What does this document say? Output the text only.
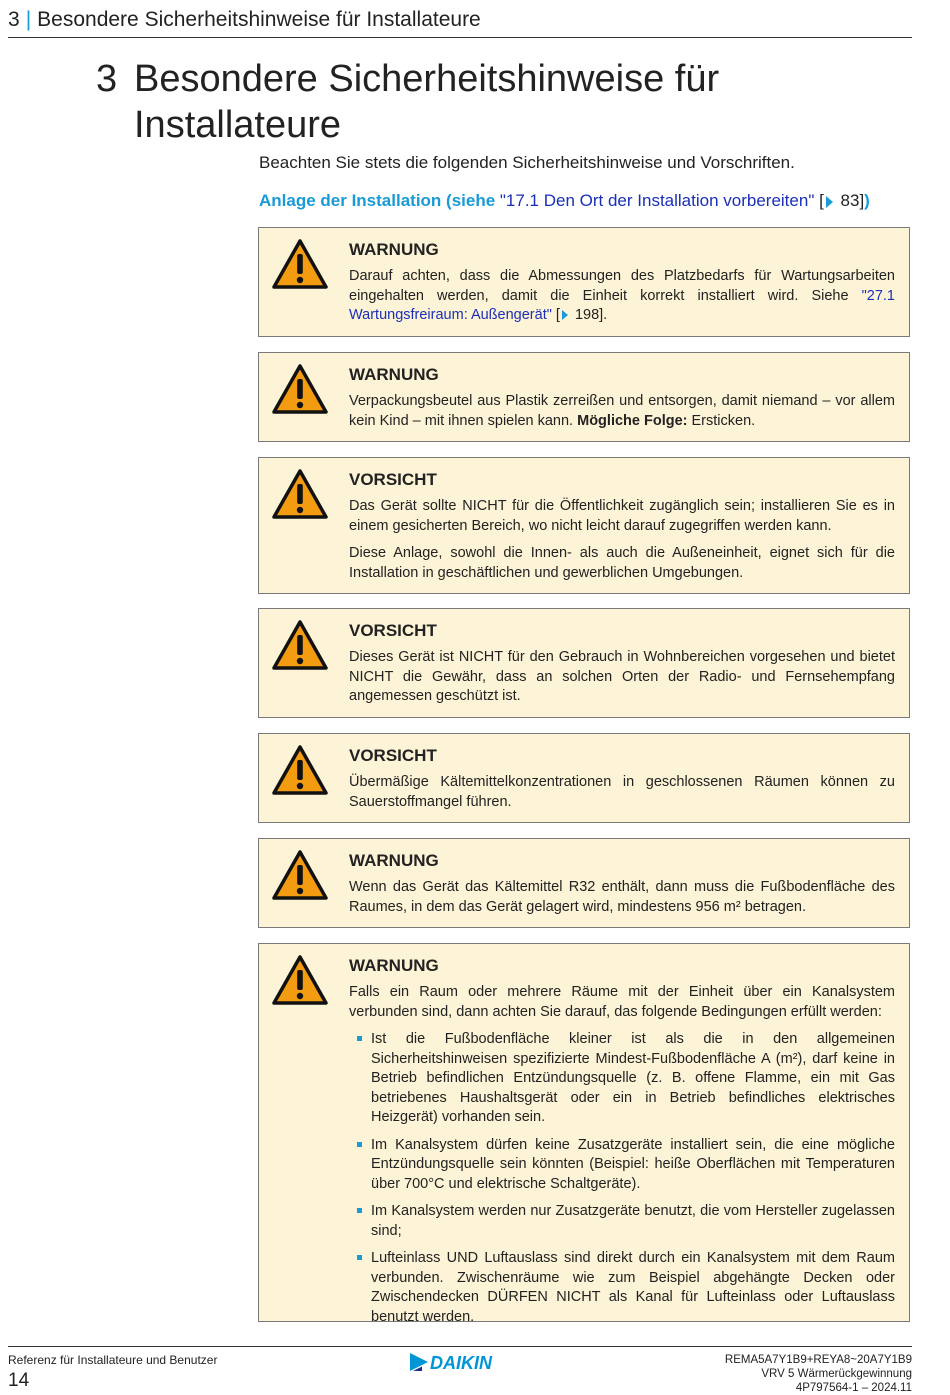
3 | Besondere Sicherheitshinweise für Installateure
3 Besondere Sicherheitshinweise für Installateure
Beachten Sie stets die folgenden Sicherheitshinweise und Vorschriften.
Anlage der Installation (siehe "17.1 Den Ort der Installation vorbereiten" [ 83])
WARNUNG

Darauf achten, dass die Abmessungen des Platzbedarfs für Wartungsarbeiten eingehalten werden, damit die Einheit korrekt installiert wird. Siehe "27.1 Wartungsfreiraum: Außengerät" [ 198].

WARNUNG

Verpackungsbeutel aus Plastik zerreißen und entsorgen, damit niemand – vor allem kein Kind – mit ihnen spielen kann. Mögliche Folge: Ersticken.

VORSICHT

Das Gerät sollte NICHT für die Öffentlichkeit zugänglich sein; installieren Sie es in einem gesicherten Bereich, wo nicht leicht darauf zugegriffen werden kann.

Diese Anlage, sowohl die Innen- als auch die Außeneinheit, eignet sich für die Installation in geschäftlichen und gewerblichen Umgebungen.

VORSICHT

Dieses Gerät ist NICHT für den Gebrauch in Wohnbereichen vorgesehen und bietet NICHT die Gewähr, dass an solchen Orten der Radio- und Fernsehempfang angemessen geschützt ist.

VORSICHT

Übermäßige Kältemittelkonzentrationen in geschlossenen Räumen können zu Sauerstoffmangel führen.

WARNUNG

Wenn das Gerät das Kältemittel R32 enthält, dann muss die Fußbodenfläche des Raumes, in dem das Gerät gelagert wird, mindestens 956 m² betragen.

WARNUNG

Falls ein Raum oder mehrere Räume mit der Einheit über ein Kanalsystem verbunden sind, dann achten Sie darauf, das folgende Bedingungen erfüllt werden:

Ist die Fußbodenfläche kleiner ist als die in den allgemeinen Sicherheitshinweisen spezifizierte Mindest-Fußbodenfläche A (m²), darf keine in Betrieb befindlichen Entzündungsquelle (z. B. offene Flamme, ein mit Gas betriebenes Haushaltsgerät oder ein in Betrieb befindliches elektrisches Heizgerät) vorhanden sein.
Im Kanalsystem dürfen keine Zusatzgeräte installiert sein, die eine mögliche Entzündungsquelle sein könnten (Beispiel: heiße Oberflächen mit Temperaturen über 700°C und elektrische Schaltgeräte).
Im Kanalsystem werden nur Zusatzgeräte benutzt, die vom Hersteller zugelassen sind;
Lufteinlass UND Luftauslass sind direkt durch ein Kanalsystem mit dem Raum verbunden. Zwischenräume wie zum Beispiel abgehängte Decken oder Zwischendecken DÜRFEN NICHT als Kanal für Lufteinlass oder Luftauslass benutzt werden.
Referenz für Installateure und Benutzer
14
DAIKIN	REMA5A7Y1B9+REYA8~20A7Y1B9
VRV 5 Wärmerückgewinnung
4P797564-1 – 2024.11
